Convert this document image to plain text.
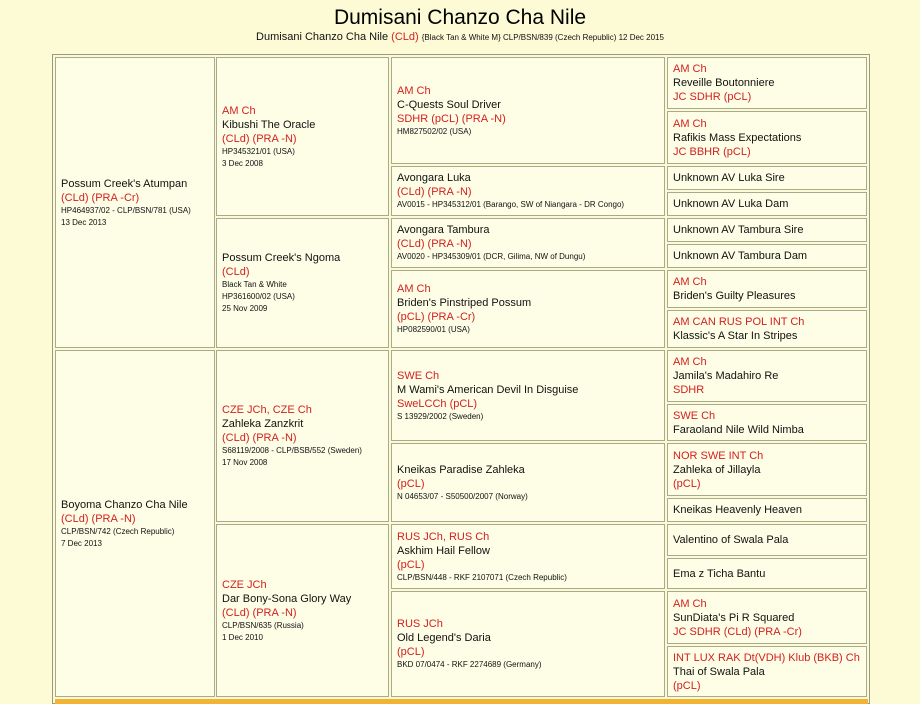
Dumisani Chanzo Cha Nile
Dumisani Chanzo Cha Nile (CLd) {Black Tan & White M} CLP/BSN/839 (Czech Republic) 12 Dec 2015
Possum Creek's Atumpan
(CLd) (PRA -Cr)
HP464937/02 - CLP/BSN/781 (USA)
13 Dec 2013
Boyoma Chanzo Cha Nile
(CLd) (PRA -N)
CLP/BSN/742 (Czech Republic)
7 Dec 2013
AM Ch
Kibushi The Oracle
(CLd) (PRA -N)
HP345321/01 (USA)
3 Dec 2008
Possum Creek's Ngoma
(CLd)
Black Tan & White
HP361600/02 (USA)
25 Nov 2009
CZE JCh, CZE Ch
Zahleka Zanzkrit
(CLd) (PRA -N)
S68119/2008 - CLP/BSB/552 (Sweden)
17 Nov 2008
CZE JCh
Dar Bony-Sona Glory Way
(CLd) (PRA -N)
CLP/BSN/635 (Russia)
1 Dec 2010
AM Ch
C-Quests Soul Driver
SDHR (pCL) (PRA -N)
HM827502/02 (USA)
Avongara Luka
(CLd) (PRA -N)
AV0015 - HP345312/01 (Barango, SW of Niangara - DR Congo)
Avongara Tambura
(CLd) (PRA -N)
AV0020 - HP345309/01 (DCR, Gilima, NW of Dungu)
AM Ch
Briden's Pinstriped Possum
(pCL) (PRA -Cr)
HP082590/01 (USA)
SWE Ch
M Wami's American Devil In Disguise
SweLCCh (pCL)
S 13929/2002 (Sweden)
Kneikas Paradise Zahleka
(pCL)
N 04653/07 - S50500/2007 (Norway)
RUS JCh, RUS Ch
Askhim Hail Fellow
(pCL)
CLP/BSN/448 - RKF 2107071 (Czech Republic)
RUS JCh
Old Legend's Daria
(pCL)
BKD 07/0474 - RKF 2274689 (Germany)
AM Ch
Reveille Boutonniere
JC SDHR (pCL)
AM Ch
Rafikis Mass Expectations
JC BBHR (pCL)
Unknown AV Luka Sire
Unknown AV Luka Dam
Unknown AV Tambura Sire
Unknown AV Tambura Dam
AM Ch
Briden's Guilty Pleasures
AM CAN RUS POL INT Ch
Klassic's A Star In Stripes
AM Ch
Jamila's Madahiro Re
SDHR
SWE Ch
Faraoland Nile Wild Nimba
NOR SWE INT Ch
Zahleka of Jillayla
(pCL)
Kneikas Heavenly Heaven
Valentino of Swala Pala
Ema z Ticha Bantu
AM Ch
SunDiata's Pi R Squared
JC SDHR (CLd) (PRA -Cr)
INT LUX RAK Dt(VDH) Klub (BKB) Ch
Thai of Swala Pala
(pCL)
